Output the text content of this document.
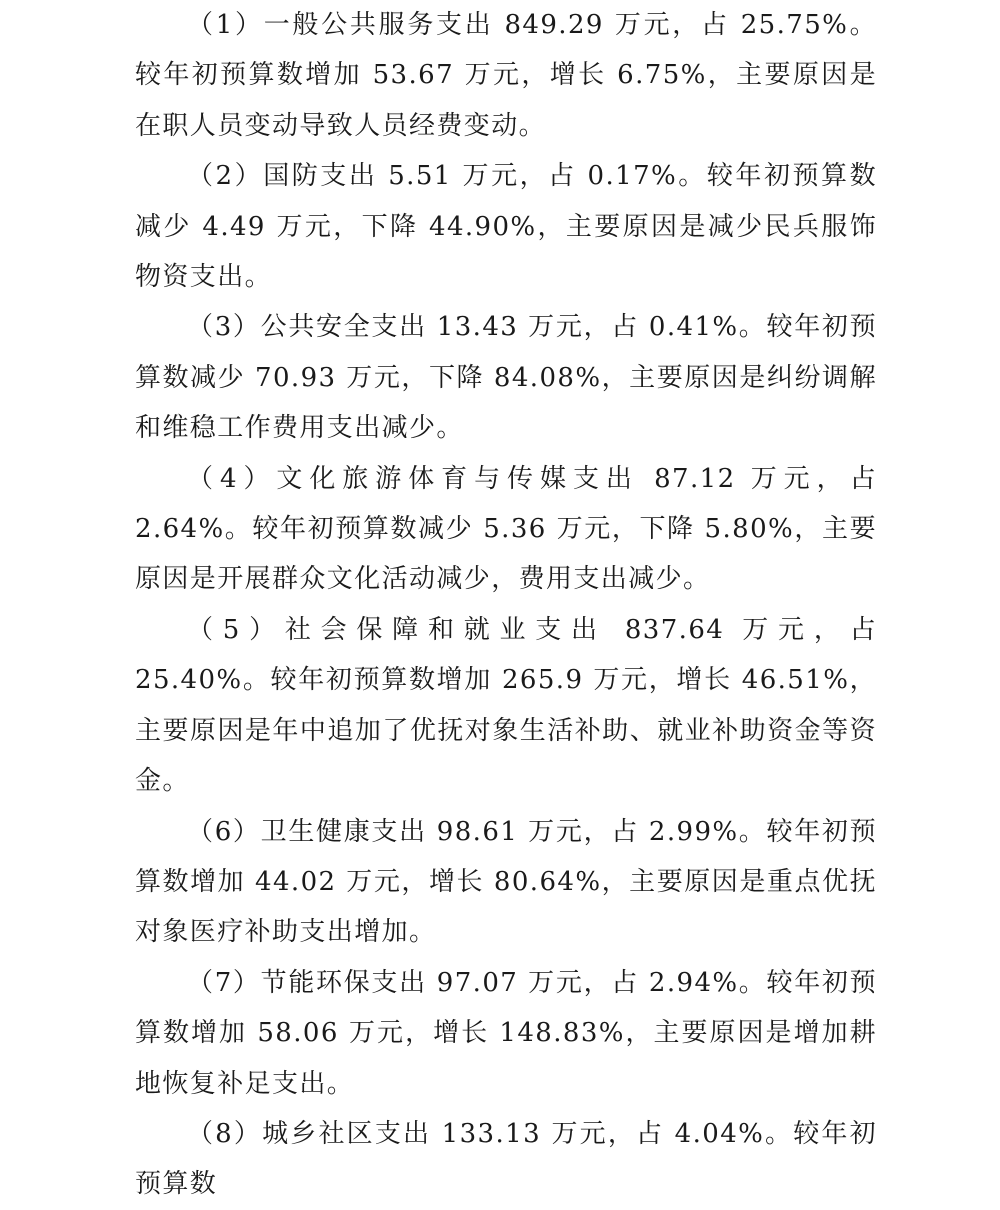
（1）一般公共服务支出 849.29 万元，占 25.75%。较年初预算数增加 53.67 万元，增长 6.75%，主要原因是在职人员变动导致人员经费变动。

（2）国防支出 5.51 万元，占 0.17%。较年初预算数减少 4.49 万元，下降 44.90%，主要原因是减少民兵服饰物资支出。

（3）公共安全支出 13.43 万元，占 0.41%。较年初预算数减少 70.93 万元，下降 84.08%，主要原因是纠纷调解和维稳工作费用支出减少。

（4）文化旅游体育与传媒支出 87.12 万元，占 2.64%。较年初预算数减少 5.36 万元，下降 5.80%，主要原因是开展群众文化活动减少，费用支出减少。

（5）社会保障和就业支出 837.64 万元，占 25.40%。较年初预算数增加 265.9 万元，增长 46.51%，主要原因是年中追加了优抚对象生活补助、就业补助资金等资金。

（6）卫生健康支出 98.61 万元，占 2.99%。较年初预算数增加 44.02 万元，增长 80.64%，主要原因是重点优抚对象医疗补助支出增加。

（7）节能环保支出 97.07 万元，占 2.94%。较年初预算数增加 58.06 万元，增长 148.83%，主要原因是增加耕地恢复补足支出。

（8）城乡社区支出 133.13 万元，占 4.04%。较年初预算数
